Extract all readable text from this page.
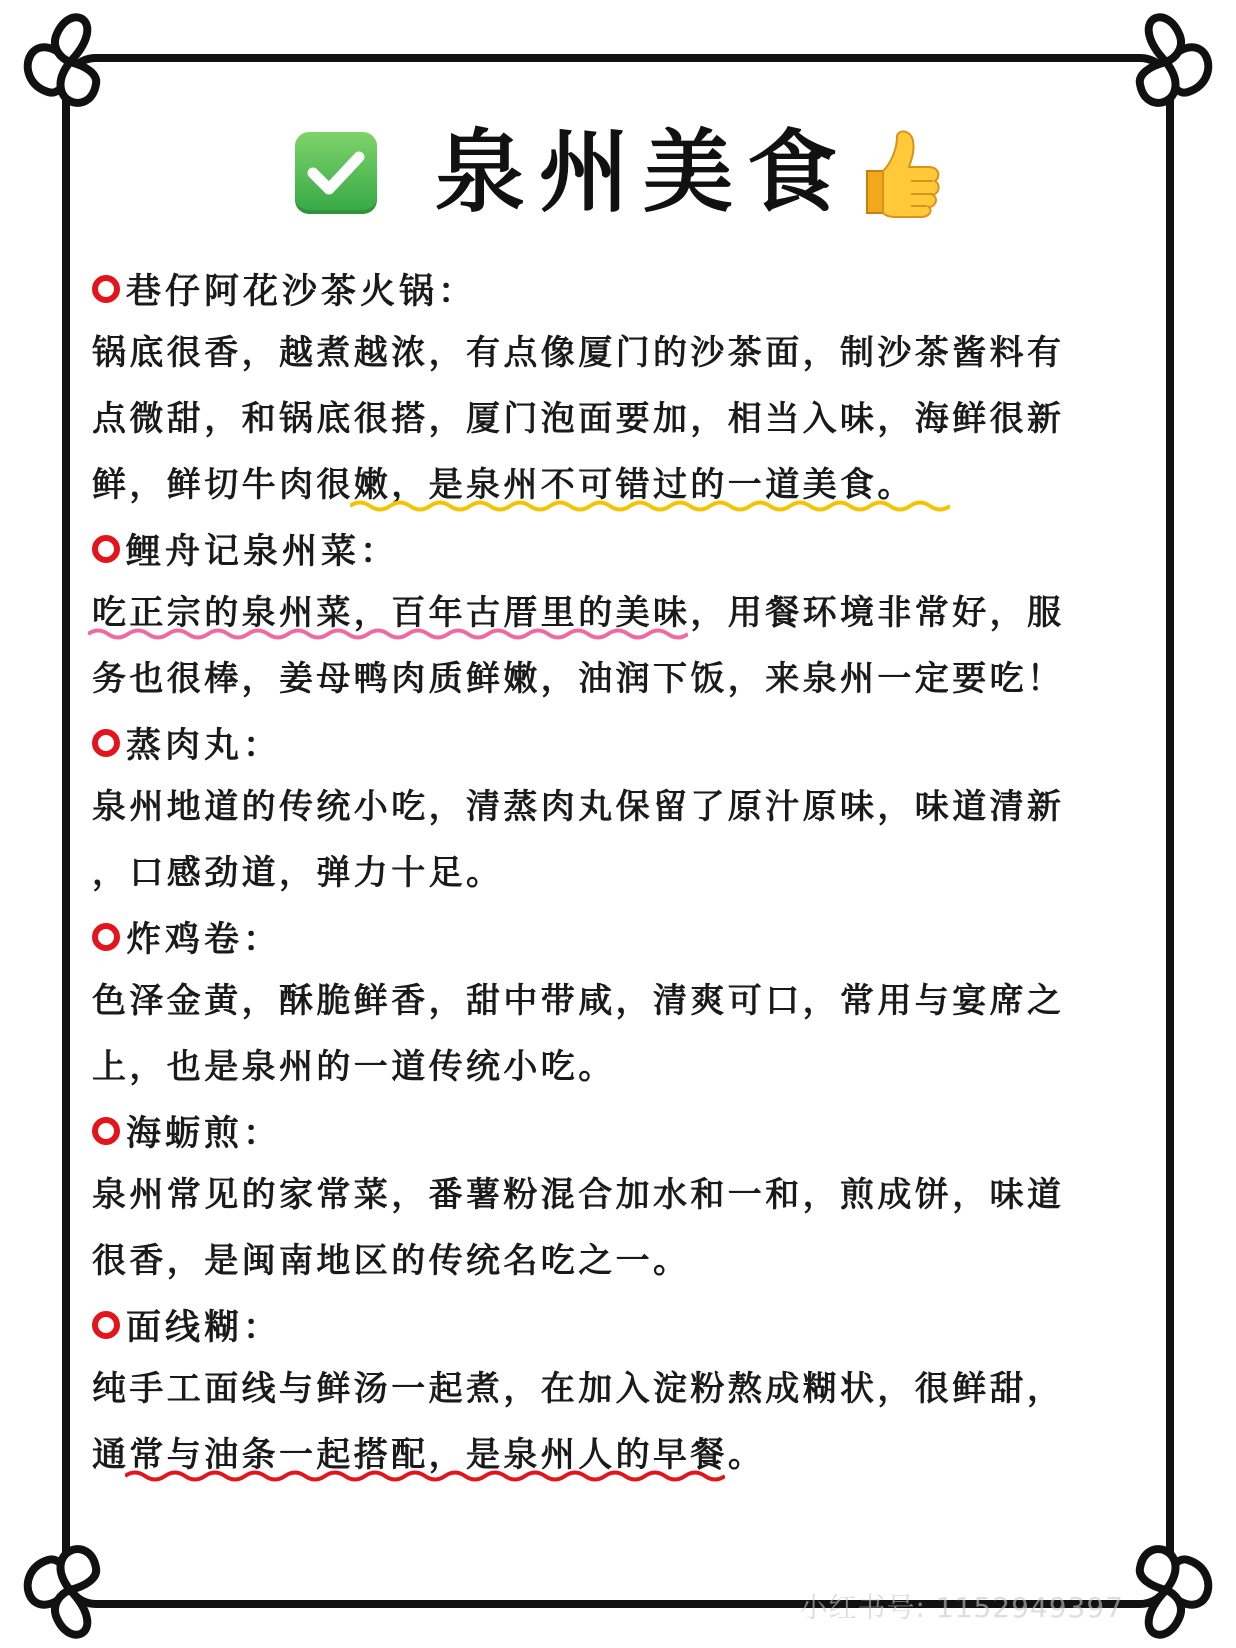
泉州美食
巷仔阿花沙茶火锅：
锅底很香，越煮越浓，有点像厦门的沙茶面，制沙茶酱料有
点微甜，和锅底很搭，厦门泡面要加，相当入味，海鲜很新
鲜，鲜切牛肉很嫩，是泉州不可错过的一道美食。
鲤舟记泉州菜：
吃正宗的泉州菜，百年古厝里的美味
，用餐环境非常好，服
务也很棒，姜母鸭肉质鲜嫩，油润下饭，来泉州一定要吃！
蒸肉丸：
泉州地道的传统小吃，清蒸肉丸保留了原汁原味，味道清新
，口感劲道，弹力十足。
炸鸡卷：
色泽金黄，酥脆鲜香，甜中带咸，清爽可口，常用与宴席之
上，也是泉州的一道传统小吃。
海蛎煎：
泉州常见的家常菜，番薯粉混合加水和一和，煎成饼，味道
很香，是闽南地区的传统名吃之一。
面线糊：
纯手工面线与鲜汤一起煮，在加入淀粉熬成糊状，很鲜甜，
通常与油条一起搭配，是泉州人的早餐
。
小红书号: 1152949397
